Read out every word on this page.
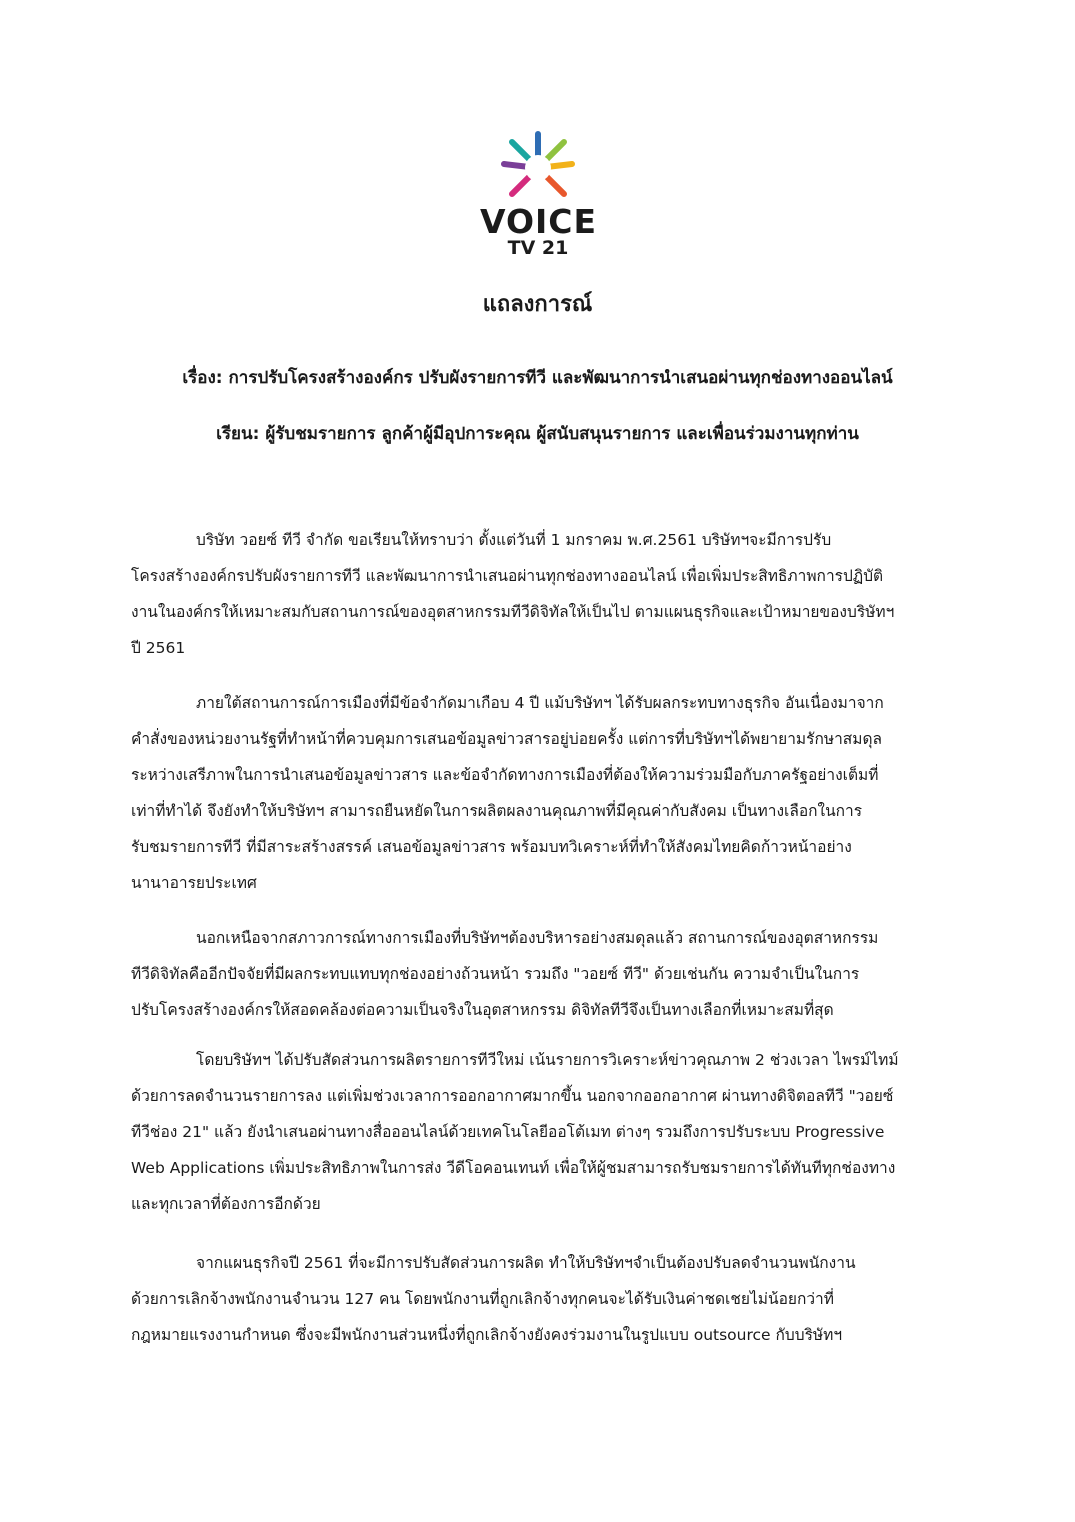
VOICE
TV 21
แถลงการณ์
เรื่อง: การปรับโครงสร้างองค์กร ปรับผังรายการทีวี และพัฒนาการนำเสนอผ่านทุกช่องทางออนไลน์
เรียน: ผู้รับชมรายการ ลูกค้าผู้มีอุปการะคุณ ผู้สนับสนุนรายการ และเพื่อนร่วมงานทุกท่าน
บริษัท วอยซ์ ทีวี จำกัด ขอเรียนให้ทราบว่า ตั้งแต่วันที่ 1 มกราคม พ.ศ.2561 บริษัทฯจะมีการปรับ
โครงสร้างองค์กรปรับผังรายการทีวี และพัฒนาการนำเสนอผ่านทุกช่องทางออนไลน์ เพื่อเพิ่มประสิทธิภาพการปฏิบัติ
งานในองค์กรให้เหมาะสมกับสถานการณ์ของอุตสาหกรรมทีวีดิจิทัลให้เป็นไป ตามแผนธุรกิจและเป้าหมายของบริษัทฯ
ปี 2561
ภายใต้สถานการณ์การเมืองที่มีข้อจำกัดมาเกือบ 4 ปี แม้บริษัทฯ ได้รับผลกระทบทางธุรกิจ อันเนื่องมาจาก
คำสั่งของหน่วยงานรัฐที่ทำหน้าที่ควบคุมการเสนอข้อมูลข่าวสารอยู่บ่อยครั้ง แต่การที่บริษัทฯได้พยายามรักษาสมดุล
ระหว่างเสรีภาพในการนำเสนอข้อมูลข่าวสาร และข้อจำกัดทางการเมืองที่ต้องให้ความร่วมมือกับภาครัฐอย่างเต็มที่
เท่าที่ทำได้ จึงยังทำให้บริษัทฯ สามารถยืนหยัดในการผลิตผลงานคุณภาพที่มีคุณค่ากับสังคม เป็นทางเลือกในการ
รับชมรายการทีวี ที่มีสาระสร้างสรรค์ เสนอข้อมูลข่าวสาร พร้อมบทวิเคราะห์ที่ทำให้สังคมไทยคิดก้าวหน้าอย่าง
นานาอารยประเทศ
นอกเหนือจากสภาวการณ์ทางการเมืองที่บริษัทฯต้องบริหารอย่างสมดุลแล้ว สถานการณ์ของอุตสาหกรรม
ทีวีดิจิทัลคืออีกปัจจัยที่มีผลกระทบแทบทุกช่องอย่างถ้วนหน้า รวมถึง "วอยซ์ ทีวี" ด้วยเช่นกัน ความจำเป็นในการ
ปรับโครงสร้างองค์กรให้สอดคล้องต่อความเป็นจริงในอุตสาหกรรม ดิจิทัลทีวีจึงเป็นทางเลือกที่เหมาะสมที่สุด
โดยบริษัทฯ ได้ปรับสัดส่วนการผลิตรายการทีวีใหม่ เน้นรายการวิเคราะห์ข่าวคุณภาพ 2 ช่วงเวลา ไพรม์ไทม์
ด้วยการลดจำนวนรายการลง แต่เพิ่มช่วงเวลาการออกอากาศมากขึ้น นอกจากออกอากาศ ผ่านทางดิจิตอลทีวี "วอยซ์
ทีวีช่อง 21" แล้ว ยังนำเสนอผ่านทางสื่อออนไลน์ด้วยเทคโนโลยีออโต้เมท ต่างๆ รวมถึงการปรับระบบ Progressive
Web Applications เพิ่มประสิทธิภาพในการส่ง วีดีโอคอนเทนท์ เพื่อให้ผู้ชมสามารถรับชมรายการได้ทันทีทุกช่องทาง
และทุกเวลาที่ต้องการอีกด้วย
จากแผนธุรกิจปี 2561 ที่จะมีการปรับสัดส่วนการผลิต ทำให้บริษัทฯจำเป็นต้องปรับลดจำนวนพนักงาน
ด้วยการเลิกจ้างพนักงานจำนวน 127 คน โดยพนักงานที่ถูกเลิกจ้างทุกคนจะได้รับเงินค่าชดเชยไม่น้อยกว่าที่
กฎหมายแรงงานกำหนด ซึ่งจะมีพนักงานส่วนหนึ่งที่ถูกเลิกจ้างยังคงร่วมงานในรูปแบบ outsource กับบริษัทฯ
